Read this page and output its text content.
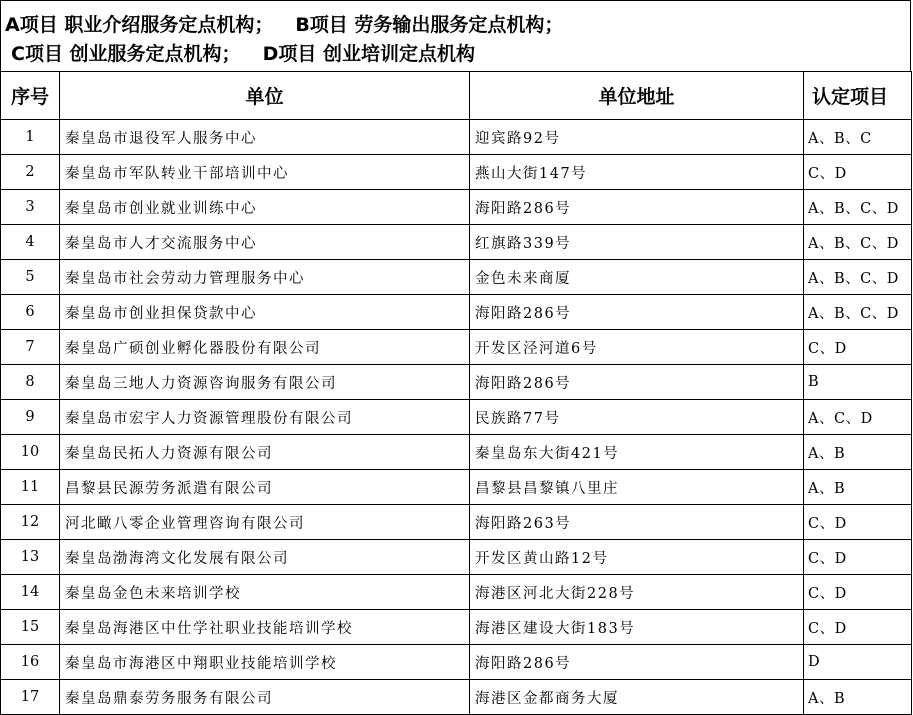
A项目 职业介绍服务定点机构； B项目 劳务输出服务定点机构；
C项目 创业服务定点机构； D项目 创业培训定点机构
序号	单位	单位地址	认定项目
1	秦皇岛市退役军人服务中心	迎宾路92号	A、B、C
2	秦皇岛市军队转业干部培训中心	燕山大街147号	C、D
3	秦皇岛市创业就业训练中心	海阳路286号	A、B、C、D
4	秦皇岛市人才交流服务中心	红旗路339号	A、B、C、D
5	秦皇岛市社会劳动力管理服务中心	金色未来商厦	A、B、C、D
6	秦皇岛市创业担保贷款中心	海阳路286号	A、B、C、D
7	秦皇岛广硕创业孵化器股份有限公司	开发区泾河道6号	C、D
8	秦皇岛三地人力资源咨询服务有限公司	海阳路286号	B
9	秦皇岛市宏宇人力资源管理股份有限公司	民族路77号	A、C、D
10	秦皇岛民拓人力资源有限公司	秦皇岛东大街421号	A、B
11	昌黎县民源劳务派遣有限公司	昌黎县昌黎镇八里庄	A、B
12	河北瞰八零企业管理咨询有限公司	海阳路263号	C、D
13	秦皇岛渤海湾文化发展有限公司	开发区黄山路12号	C、D
14	秦皇岛金色未来培训学校	海港区河北大街228号	C、D
15	秦皇岛海港区中仕学社职业技能培训学校	海港区建设大街183号	C、D
16	秦皇岛市海港区中翔职业技能培训学校	海阳路286号	D
17	秦皇岛鼎泰劳务服务有限公司	海港区金都商务大厦	A、B
